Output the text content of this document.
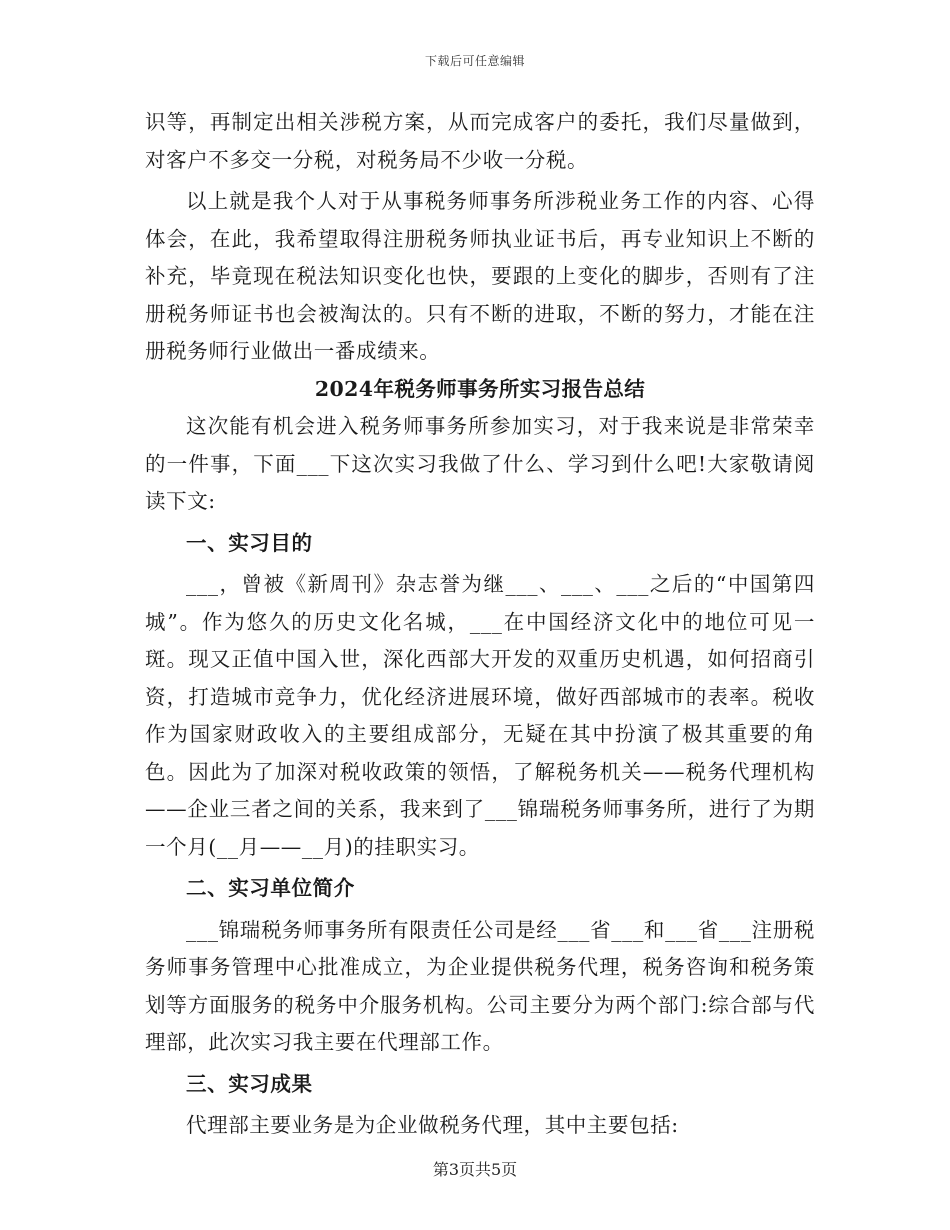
下载后可任意编辑

识等，再制定出相关涉税方案，从而完成客户的委托，我们尽量做到，对客户不多交一分税，对税务局不少收一分税。

以上就是我个人对于从事税务师事务所涉税业务工作的内容、心得体会，在此，我希望取得注册税务师执业证书后，再专业知识上不断的补充，毕竟现在税法知识变化也快，要跟的上变化的脚步，否则有了注册税务师证书也会被淘汰的。只有不断的进取，不断的努力，才能在注册税务师行业做出一番成绩来。

2024年税务师事务所实习报告总结

这次能有机会进入税务师事务所参加实习，对于我来说是非常荣幸的一件事，下面___下这次实习我做了什么、学习到什么吧!大家敬请阅读下文:

一、实习目的

___，曾被《新周刊》杂志誉为继___、___、___之后的“中国第四城”。作为悠久的历史文化名城，___在中国经济文化中的地位可见一斑。现又正值中国入世，深化西部大开发的双重历史机遇，如何招商引资，打造城市竞争力，优化经济进展环境，做好西部城市的表率。税收作为国家财政收入的主要组成部分，无疑在其中扮演了极其重要的角色。因此为了加深对税收政策的领悟，了解税务机关——税务代理机构——企业三者之间的关系，我来到了___锦瑞税务师事务所，进行了为期一个月(__月——__月)的挂职实习。

二、实习单位简介

___锦瑞税务师事务所有限责任公司是经___省___和___省___注册税务师事务管理中心批准成立，为企业提供税务代理，税务咨询和税务策划等方面服务的税务中介服务机构。公司主要分为两个部门:综合部与代理部，此次实习我主要在代理部工作。

三、实习成果

代理部主要业务是为企业做税务代理，其中主要包括:

第3页共5页
